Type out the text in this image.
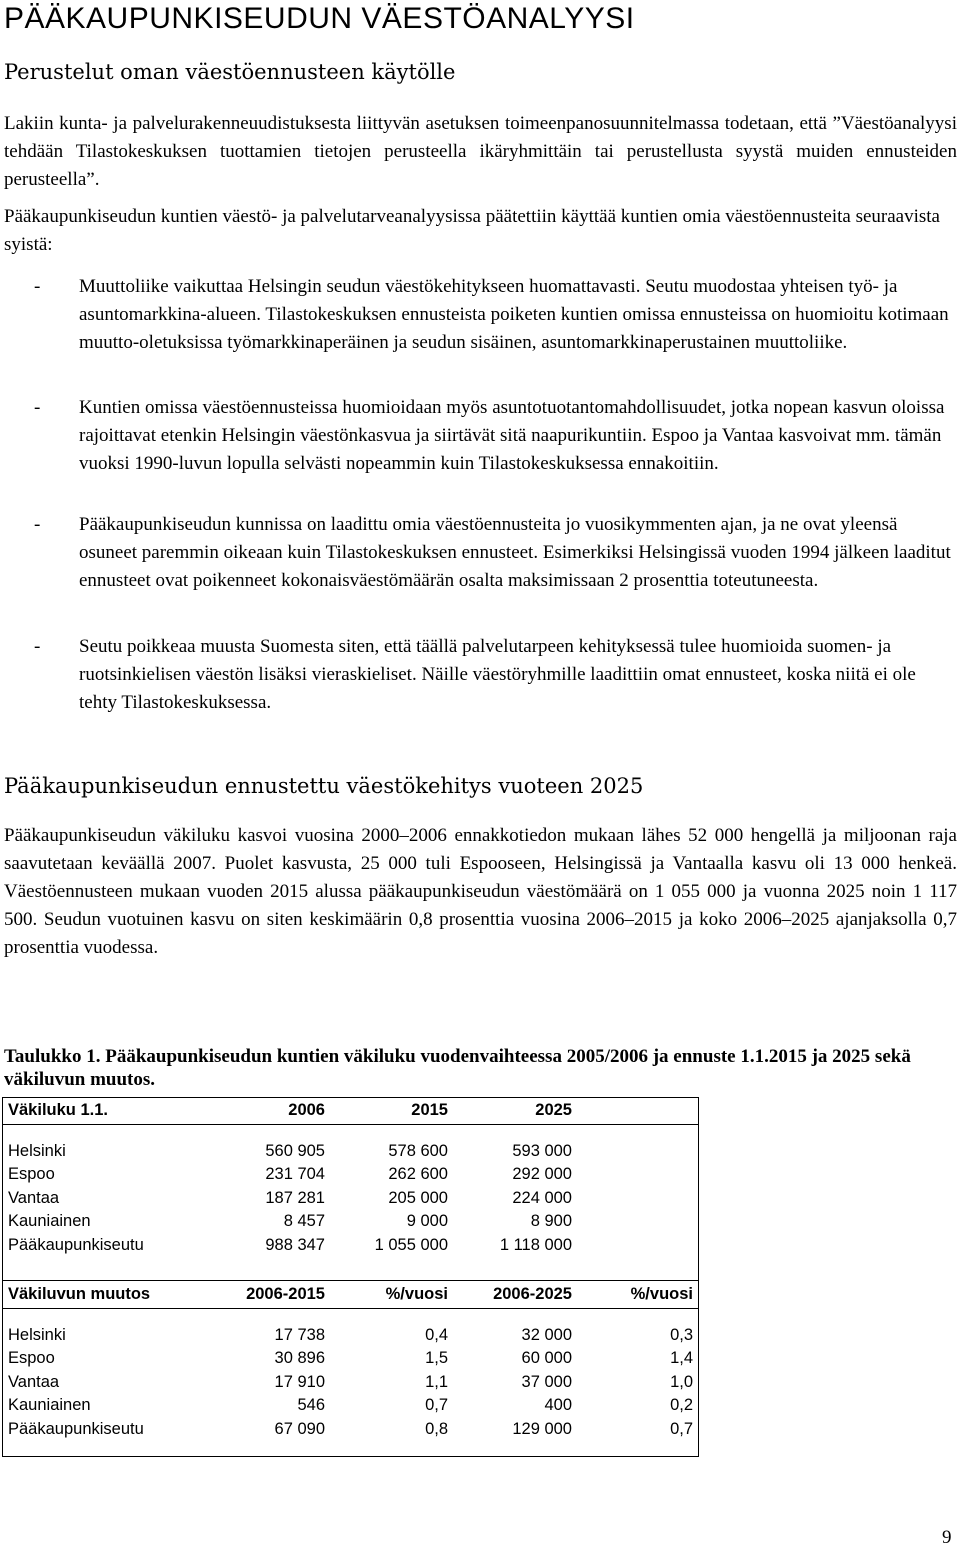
PÄÄKAUPUNKISEUDUN VÄESTÖANALYYSI
Perustelut oman väestöennusteen käytölle

Lakiin kunta- ja palvelurakenneuudistuksesta liittyvän asetuksen toimeenpanosuunnitelmassa todetaan, että ”Väestöanalyysi tehdään Tilastokeskuksen tuottamien tietojen perusteella ikäryhmittäin tai perustellusta syystä muiden ennusteiden perusteella”.

Pääkaupunkiseudun kuntien väestö- ja palvelutarveanalyysissa päätettiin käyttää kuntien omia väestöennusteita seuraavista syistä:

- Muuttoliike vaikuttaa Helsingin seudun väestökehitykseen huomattavasti. Seutu muodostaa yhteisen työ- ja asuntomarkkina-alueen. Tilastokeskuksen ennusteista poiketen kuntien omissa ennusteissa on huomioitu kotimaan muutto-oletuksissa työmarkkinaperäinen ja seudun sisäinen, asuntomarkkinaperustainen muuttoliike.
- Kuntien omissa väestöennusteissa huomioidaan myös asuntotuotantomahdollisuudet, jotka nopean kasvun oloissa rajoittavat etenkin Helsingin väestönkasvua ja siirtävät sitä naapurikuntiin. Espoo ja Vantaa kasvoivat mm. tämän vuoksi 1990-luvun lopulla selvästi nopeammin kuin Tilastokeskuksessa ennakoitiin.
- Pääkaupunkiseudun kunnissa on laadittu omia väestöennusteita jo vuosikymmenten ajan, ja ne ovat yleensä osuneet paremmin oikeaan kuin Tilastokeskuksen ennusteet. Esimerkiksi Helsingissä vuoden 1994 jälkeen laaditut ennusteet ovat poikenneet kokonaisväestömäärän osalta maksimissaan 2 prosenttia toteutuneesta.
- Seutu poikkeaa muusta Suomesta siten, että täällä palvelutarpeen kehityksessä tulee huomioida suomen- ja ruotsinkielisen väestön lisäksi vieraskieliset. Näille väestöryhmille laadittiin omat ennusteet, koska niitä ei ole tehty Tilastokeskuksessa.
Pääkaupunkiseudun ennustettu väestökehitys vuoteen 2025

Pääkaupunkiseudun väkiluku kasvoi vuosina 2000–2006 ennakkotiedon mukaan lähes 52 000 hengellä ja miljoonan raja saavutetaan keväällä 2007. Puolet kasvusta, 25 000 tuli Espooseen, Helsingissä ja Vantaalla kasvu oli 13 000 henkeä. Väestöennusteen mukaan vuoden 2015 alussa pääkaupunkiseudun väestömäärä on 1 055 000 ja vuonna 2025 noin 1 117 500. Seudun vuotuinen kasvu on siten keskimäärin 0,8 prosenttia vuosina 2006–2015 ja koko 2006–2025 ajanjaksolla 0,7 prosenttia vuodessa.

Taulukko 1. Pääkaupunkiseudun kuntien väkiluku vuodenvaihteessa 2005/2006 ja ennuste 1.1.2015 ja 2025 sekä väkiluvun muutos.

Väkiluku 1.1.	2006	2015	2025
Helsinki	560 905	578 600	593 000
Espoo	231 704	262 600	292 000
Vantaa	187 281	205 000	224 000
Kauniainen	8 457	9 000	8 900
Pääkaupunkiseutu	988 347	1 055 000	1 118 000
Väkiluvun muutos	2006-2015	%/vuosi	2006-2025	%/vuosi
Helsinki	17 738	0,4	32 000	0,3
Espoo	30 896	1,5	60 000	1,4
Vantaa	17 910	1,1	37 000	1,0
Kauniainen	546	0,7	400	0,2
Pääkaupunkiseutu	67 090	0,8	129 000	0,7
9
